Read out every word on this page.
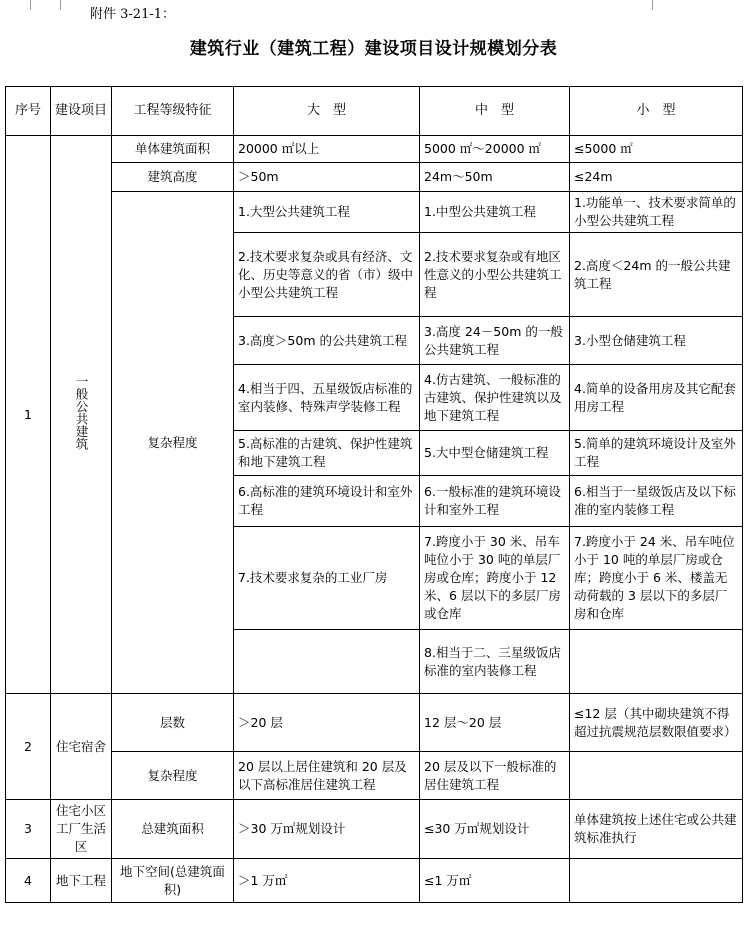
附件 3-21-1：

建筑行业（建筑工程）建设项目设计规模划分表
序号	建设项目	工程等级特征	大　型	中　型	小　型
1	一般公共建筑	单体建筑面积	20000 ㎡以上	5000 ㎡～20000 ㎡	≤5000 ㎡
		建筑高度	＞50m	24m～50m	≤24m
		复杂程度	1.大型公共建筑工程	1.中型公共建筑工程	1.功能单一、技术要求简单的小型公共建筑工程
			2.技术要求复杂或具有经济、文化、历史等意义的省（市）级中小型公共建筑工程	2.技术要求复杂或有地区性意义的小型公共建筑工程	2.高度＜24m 的一般公共建筑工程
			3.高度＞50m 的公共建筑工程	3.高度 24－50m 的一般公共建筑工程	3.小型仓储建筑工程
			4.相当于四、五星级饭店标准的室内装修、特殊声学装修工程	4.仿古建筑、一般标准的古建筑、保护性建筑以及地下建筑工程	4.简单的设备用房及其它配套用房工程
			5.高标准的古建筑、保护性建筑和地下建筑工程	5.大中型仓储建筑工程	5.简单的建筑环境设计及室外工程
			6.高标准的建筑环境设计和室外工程	6.一般标准的建筑环境设计和室外工程	6.相当于一星级饭店及以下标准的室内装修工程
			7.技术要求复杂的工业厂房	7.跨度小于 30 米、吊车吨位小于 30 吨的单层厂房或仓库；跨度小于 12 米、6 层以下的多层厂房或仓库	7.跨度小于 24 米、吊车吨位小于 10 吨的单层厂房或仓库；跨度小于 6 米、楼盖无动荷载的 3 层以下的多层厂房和仓库
				8.相当于二、三星级饭店标准的室内装修工程	
2	住宅宿舍	层数	＞20 层	12 层～20 层	≤12 层（其中砌块建筑不得超过抗震规范层数限值要求）
		复杂程度	20 层以上居住建筑和 20 层及以下高标准居住建筑工程	20 层及以下一般标准的居住建筑工程	
3	住宅小区工厂生活区	总建筑面积	＞30 万㎡规划设计	≤30 万㎡规划设计	单体建筑按上述住宅或公共建筑标准执行
4	地下工程	地下空间(总建筑面积)	＞1 万㎡	≤1 万㎡	
